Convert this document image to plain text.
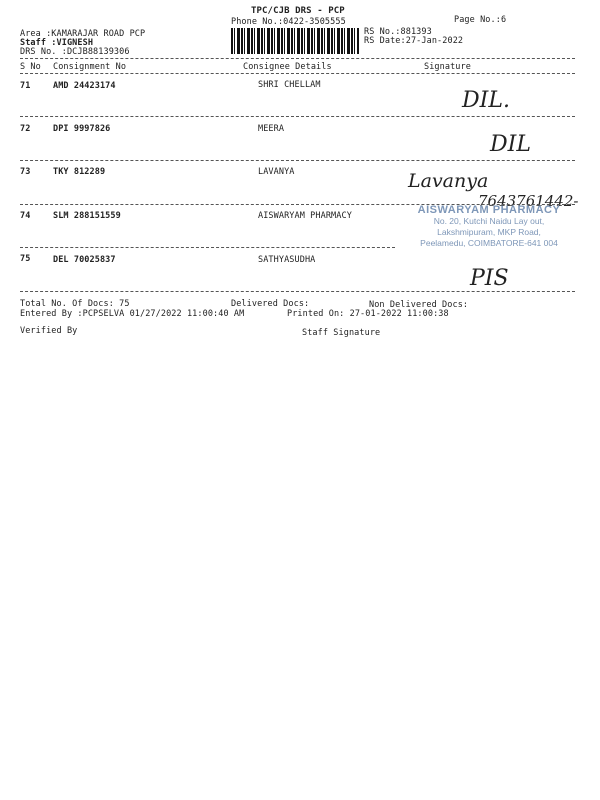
TPC/CJB DRS - PCP
Phone No.:0422-3505555	Page No.:6
Area :KAMARAJAR ROAD PCP
Staff :VIGNESH
DRS No. :DCJB88139306
RS No.:881393
RS Date:27-Jan-2022
S No Consignment No	Consignee Details	Signature
71	AMD 24423174	SHRI CHELLAM
DIL.
72	DPI 9997826	MEERA
DIL
73	TKY 812289	LAVANYA	Lavanya
7643761442-
74	SLM 288151559	AISWARYAM PHARMACY	AISWARYAM PHARMACY
No. 20, Kutchi Naidu Lay out,
Lakshmipuram, MKP Road,
Peelamedu, COIMBATORE-641 004
75	DEL 70025837	SATHYASUDHA
PIS
Total No. Of Docs: 75	Delivered Docs:	Non Delivered Docs:
Entered By :PCPSELVA 01/27/2022 11:00:40 AM	Printed On: 27-01-2022 11:00:38
Verified By	Staff Signature
